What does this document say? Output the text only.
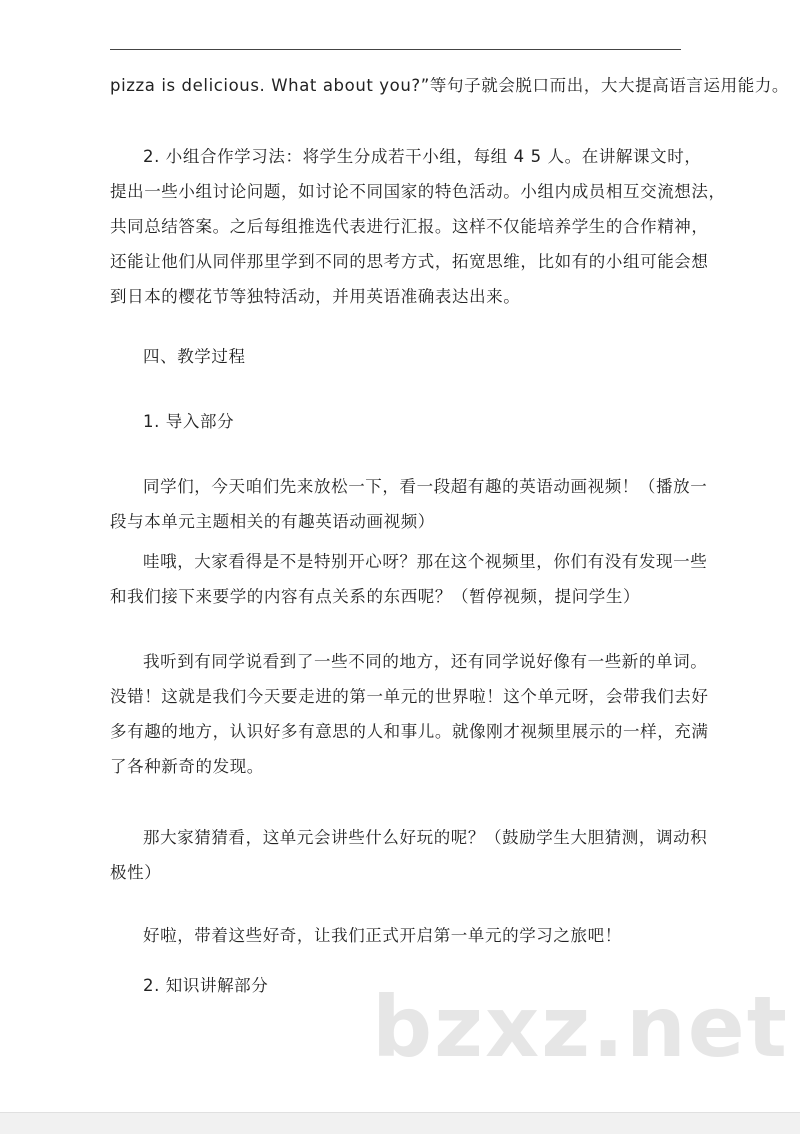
pizza is delicious. What about you?”等句子就会脱口而出，大大提高语言运用能力。
2. 小组合作学习法：将学生分成若干小组，每组 4 5 人。在讲解课文时，
提出一些小组讨论问题，如讨论不同国家的特色活动。小组内成员相互交流想法，
共同总结答案。之后每组推选代表进行汇报。这样不仅能培养学生的合作精神，
还能让他们从同伴那里学到不同的思考方式，拓宽思维，比如有的小组可能会想
到日本的樱花节等独特活动，并用英语准确表达出来。
四、教学过程
1. 导入部分
同学们，今天咱们先来放松一下，看一段超有趣的英语动画视频！（播放一
段与本单元主题相关的有趣英语动画视频）
哇哦，大家看得是不是特别开心呀？那在这个视频里，你们有没有发现一些
和我们接下来要学的内容有点关系的东西呢？（暂停视频，提问学生）
我听到有同学说看到了一些不同的地方，还有同学说好像有一些新的单词。
没错！这就是我们今天要走进的第一单元的世界啦！这个单元呀，会带我们去好
多有趣的地方，认识好多有意思的人和事儿。就像刚才视频里展示的一样，充满
了各种新奇的发现。
那大家猜猜看，这单元会讲些什么好玩的呢？（鼓励学生大胆猜测，调动积
极性）
好啦，带着这些好奇，让我们正式开启第一单元的学习之旅吧！
2. 知识讲解部分	bzxz.net
